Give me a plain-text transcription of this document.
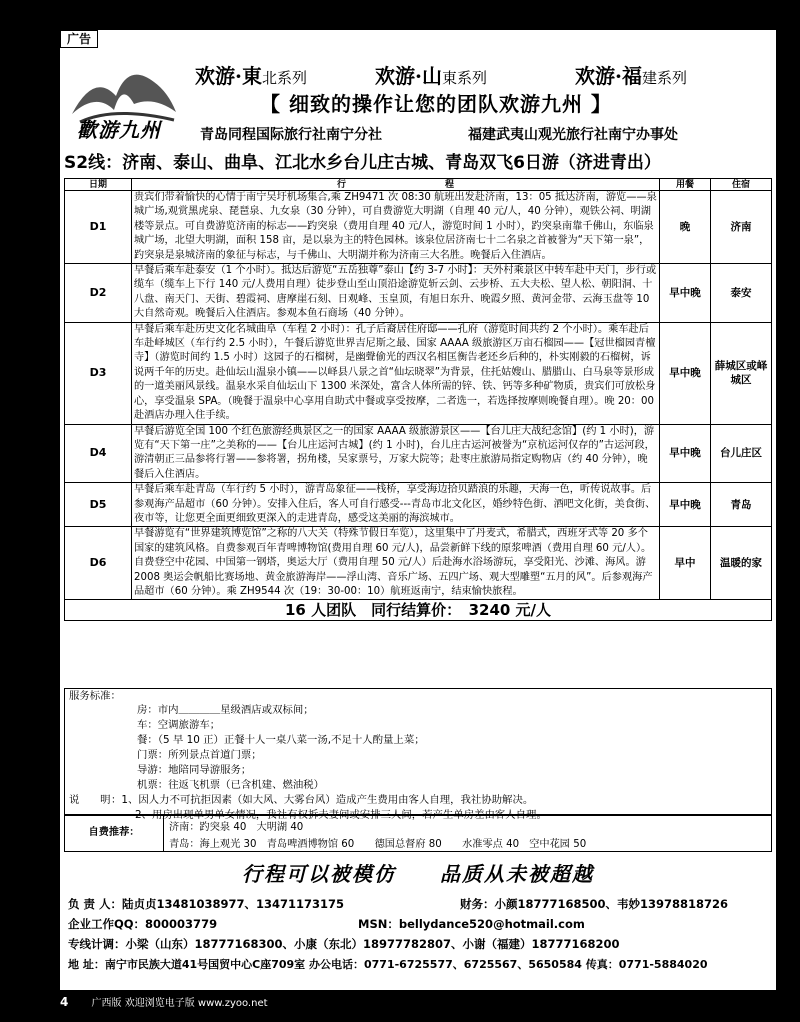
广告
歡游九州
欢游·東北系列	欢游·山東系列	欢游·福建系列
【 细致的操作让您的团队欢游九州 】
青岛同程国际旅行社南宁分社	福建武夷山观光旅行社南宁办事处
S2线：济南、泰山、曲阜、江北水乡台儿庄古城、青岛双飞6日游（济进青出）
日期	行　　　　　　　　　　　程	用餐	住宿
D1	贵宾们带着愉快的心情于南宁吴圩机场集合,乘 ZH9471 次 08:30 航班出发赴济南，13：05 抵达济南，游览——泉城广场,观赏黑虎泉、琵琶泉、九女泉（30 分钟），可自费游览大明湖（自理 40 元/人，40 分钟），观铁公祠、明湖楼等景点。可自费游览济南的标志——趵突泉（费用自理 40 元/人，游览时间 1 小时），趵突泉南靠千佛山，东临泉城广场，北望大明湖，面积 158 亩，是以泉为主的特色园林。该泉位居济南七十二名泉之首被誉为“天下第一泉”，趵突泉是泉城济南的象征与标志，与千佛山、大明湖并称为济南三大名胜。晚餐后入住酒店。	晚	济南
D2	早餐后乘车赴泰安（1 个小时）。抵达后游览“五岳独尊”泰山【约 3-7 小时】：天外村乘景区中转车赴中天门，步行或缆车（缆车上下行 140 元/人费用自理）徒步登山至山顶沿途游览斩云剑、云步桥、五大夫松、望人松、朝阳洞、十八盘、南天门、天街、碧霞祠、唐摩崖石刻、日观峰、玉皇顶，有旭日东升、晚霞夕照、黄河金带、云海玉盘等 10 大自然奇观。晚餐后入住酒店。参观本鱼石商场（40 分钟）。	早中晚	泰安
D3	早餐后乘车赴历史文化名城曲阜（车程 2 小时）：孔子后裔居住府邸——孔府（游览时间共约 2 个小时）。乘车赴后车赴峄城区（车行约 2.5 小时），午餐后游览世界吉尼斯之最、国家 AAAA 级旅游区万亩石榴园——【冠世榴园青檀寺】（游览时间约 1.5 小时）这园子的石榴树，是幽聲偷光的西汉名相匡衡告老还乡后种的，朴实刚毅的石榴树，诉说两千年的历史。赴仙坛山温泉小镇——以峄县八景之首“仙坛晓翠”为背景，住托姑嫂山、腊腊山、白马泉等景形成的一道美丽风景线。温泉水采自仙坛山下 1300 米深处，富含人体所需的锌、铁、钙等多种矿物质，贵宾们可放松身心，享受温泉 SPA。（晚餐于温泉中心享用自助式中餐或享受按摩，二者选一，若选择按摩则晚餐自理）。晚 20：00 赴酒店办理入住手续。	早中晚	薛城区或峄城区
D4	早餐后游览全国 100 个红色旅游经典景区之一的国家 AAAA 级旅游景区——【台儿庄大战纪念馆】(约 1 小时)，游览有“天下第一庄”之美称的——【台儿庄运河古城】(约 1 小时)，台儿庄古运河被誉为“京杭运河仅存的”古运河段，游清朝正三品参将行署——参将署，拐角楼，吴家票号，万家大院等；赴枣庄旅游局指定购物店（约 40 分钟），晚餐后入住酒店。	早中晚	台儿庄区
D5	早餐后乘车赴青岛（车行约 5 小时），游青岛象征——栈桥，享受海边拾贝踏浪的乐趣，天海一色，听传说故事。后参观海产品超市（60 分钟）。安排入住后，客人可自行感受---青岛市北文化区，婚纱特色街、酒吧文化街，美食街、夜市等，让您更全面更细致更深入的走进青岛，感受这美丽的海滨城市。	早中晚	青岛
D6	早餐游览有“世界建筑博览馆”之称的八大关（特殊节假日车览），这里集中了丹麦式，希腊式，西班牙式等 20 多个国家的建筑风格。自费参观百年青啤博物馆(费用自理 60 元/人)，品尝新鲜下线的原浆啤酒（费用自理 60 元/人）。自费登空中花园、中国第一钢塔，奥运大厅（费用自理 50 元/人）后赴海水浴场游玩，享受阳光、沙滩、海风。游 2008 奥运会帆船比赛场地、黄金旅游海岸——浮山湾、音乐广场、五四广场、观大型雕塑“五月的风”。后参观海产品超市（60 分钟）。乘 ZH9544 次（19：30-00：10）航班返南宁，结束愉快旅程。	早中	温暖的家
16 人团队　同行结算价：　3240 元/人			
服务标准：
房：市内＿＿＿＿星级酒店或双标间；
车：空调旅游车；
餐：（5 早 10 正）正餐十人一桌八菜一汤,不足十人酌量上菜；
门票：所列景点首道门票；
导游：地陪同导游服务；
机票：往返飞机票（已含机建、燃油税）
说　　明 ：1、因人力不可抗拒因素（如大风、大雾台风）造成产生费用由客人自理，我社协助解决。
2、用房出现单男单女情况，我社有权拆夫妻间或安排三人间，若产生单房差由客人自理。
自费推荐：	济南：趵突泉 40　大明湖 40
青岛：海上观光 30　青岛啤酒博物馆 60　　德国总督府 80　　水准零点 40　空中花园 50
行程可以被模仿　　品质从未被超越
负 责 人：陆贞贞13481038977、13471173175	财务：小颜18777168500、韦妙13978818726
企业工作QQ：800003779	MSN：bellydance520@hotmail.com
专线计调：小梁（山东）18777168300、小康（东北）18977782807、小谢（福建）18777168200
地 址：南宁市民族大道41号国贸中心C座709室 办公电话：0771-6725577、6725567、5650584 传真：0771-5884020
4 广西版 欢迎浏览电子版 www.zyoo.net
